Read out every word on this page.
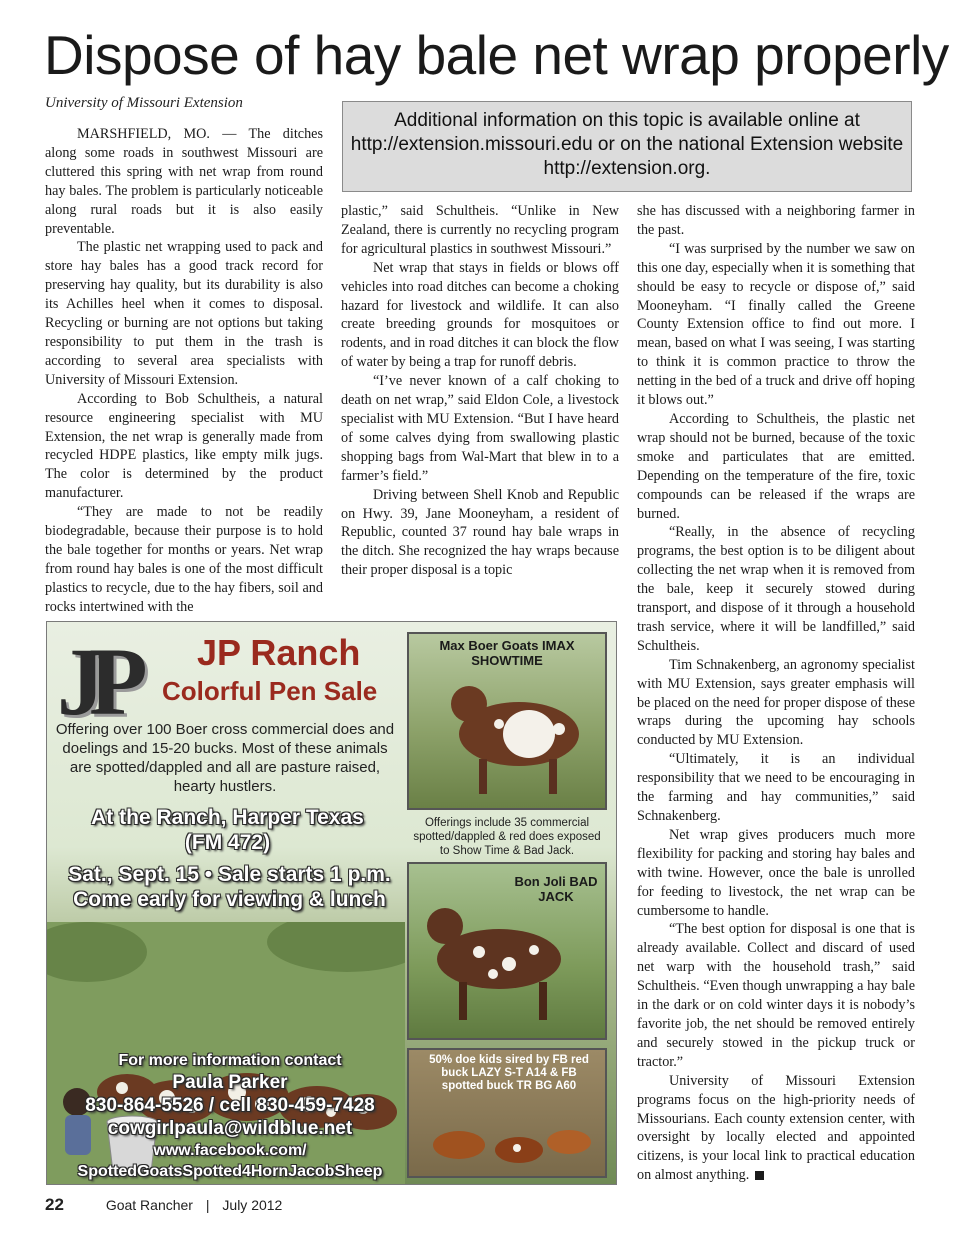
Dispose of hay bale net wrap properly
University of Missouri Extension
Additional information on this topic is available online at http://extension.missouri.edu or on the national Extension website http://extension.org.

MARSHFIELD, MO. — The ditches along some roads in southwest Missouri are cluttered this spring with net wrap from round hay bales. The problem is particularly noticeable along rural roads but it is also easily preventable.

The plastic net wrapping used to pack and store hay bales has a good track record for preserving hay quality, but its durability is also its Achilles heel when it comes to disposal. Recycling or burning are not options but taking responsibility to put them in the trash is according to several area specialists with University of Missouri Extension.

According to Bob Schultheis, a natural resource engineering specialist with MU Extension, the net wrap is generally made from recycled HDPE plastics, like empty milk jugs. The color is determined by the product manufacturer.

“They are made to not be readily biodegradable, because their purpose is to hold the bale together for months or years. Net wrap from round hay bales is one of the most difficult plastics to recycle, due to the hay fibers, soil and rocks intertwined with the

plastic,” said Schultheis. “Unlike in New Zealand, there is currently no recycling program for agricultural plastics in southwest Missouri.”

Net wrap that stays in fields or blows off vehicles into road ditches can become a choking hazard for livestock and wildlife. It can also create breeding grounds for mosquitoes or rodents, and in road ditches it can block the flow of water by being a trap for runoff debris.

“I’ve never known of a calf choking to death on net wrap,” said Eldon Cole, a livestock specialist with MU Extension. “But I have heard of some calves dying from swallowing plastic shopping bags from Wal-Mart that blew in to a farmer’s field.”

Driving between Shell Knob and Republic on Hwy. 39, Jane Mooneyham, a resident of Republic, counted 37 round hay bale wraps in the ditch. She recognized the hay wraps because their proper disposal is a topic

she has discussed with a neighboring farmer in the past.

“I was surprised by the number we saw on this one day, especially when it is something that should be easy to recycle or dispose of,” said Mooneyham. “I finally called the Greene County Extension office to find out more. I mean, based on what I was seeing, I was starting to think it is common practice to throw the netting in the bed of a truck and drive off hoping it blows out.”

According to Schultheis, the plastic net wrap should not be burned, because of the toxic smoke and particulates that are emitted. Depending on the temperature of the fire, toxic compounds can be released if the wraps are burned.

“Really, in the absence of recycling programs, the best option is to be diligent about collecting the net wrap when it is removed from the bale, keep it securely stowed during transport, and dispose of it through a household trash service, where it will be landfilled,” said Schultheis.

Tim Schnakenberg, an agronomy specialist with MU Extension, says greater emphasis will be placed on the need for proper dispose of these wraps during the upcoming hay schools conducted by MU Extension.

“Ultimately, it is an individual responsibility that we need to be encouraging in the farming and hay communities,” said Schnakenberg.

Net wrap gives producers much more flexibility for packing and storing hay bales and with twine. However, once the bale is unrolled for feeding to livestock, the net wrap can be cumbersome to handle.

“The best option for disposal is one that is already available. Collect and discard of used net warp with the household trash,” said Schultheis. “Even though unwrapping a hay bale in the dark or on cold winter days it is nobody’s favorite job, the net should be removed entirely and securely stowed in the pickup truck or tractor.”

University of Missouri Extension programs focus on the high-priority needs of Missourians. Each county extension center, with oversight by locally elected and appointed citizens, is your local link to practical education on almost anything.

JP JP Ranch
Colorful Pen Sale
Offering over 100 Boer cross commercial does and doelings and 15-20 bucks. Most of these animals are spotted/dappled and all are pasture raised, hearty hustlers.
At the Ranch, Harper Texas
(FM 472)
Sat., Sept. 15 • Sale starts 1 p.m.
Come early for viewing & lunch
Max Boer Goats IMAX SHOWTIME
Offerings include 35 commercial spotted/dappled & red does exposed to Show Time & Bad Jack.
Bon Joli BAD JACK
50% doe kids sired by FB red buck LAZY S-T A14 & FB spotted buck TR BG A60
For more information contact
Paula Parker
830-864-5526 / cell 830-459-7428
cowgirlpaula@wildblue.net
www.facebook.com/
SpottedGoatsSpotted4HornJacobSheep
22	Goat Rancher | July 2012
